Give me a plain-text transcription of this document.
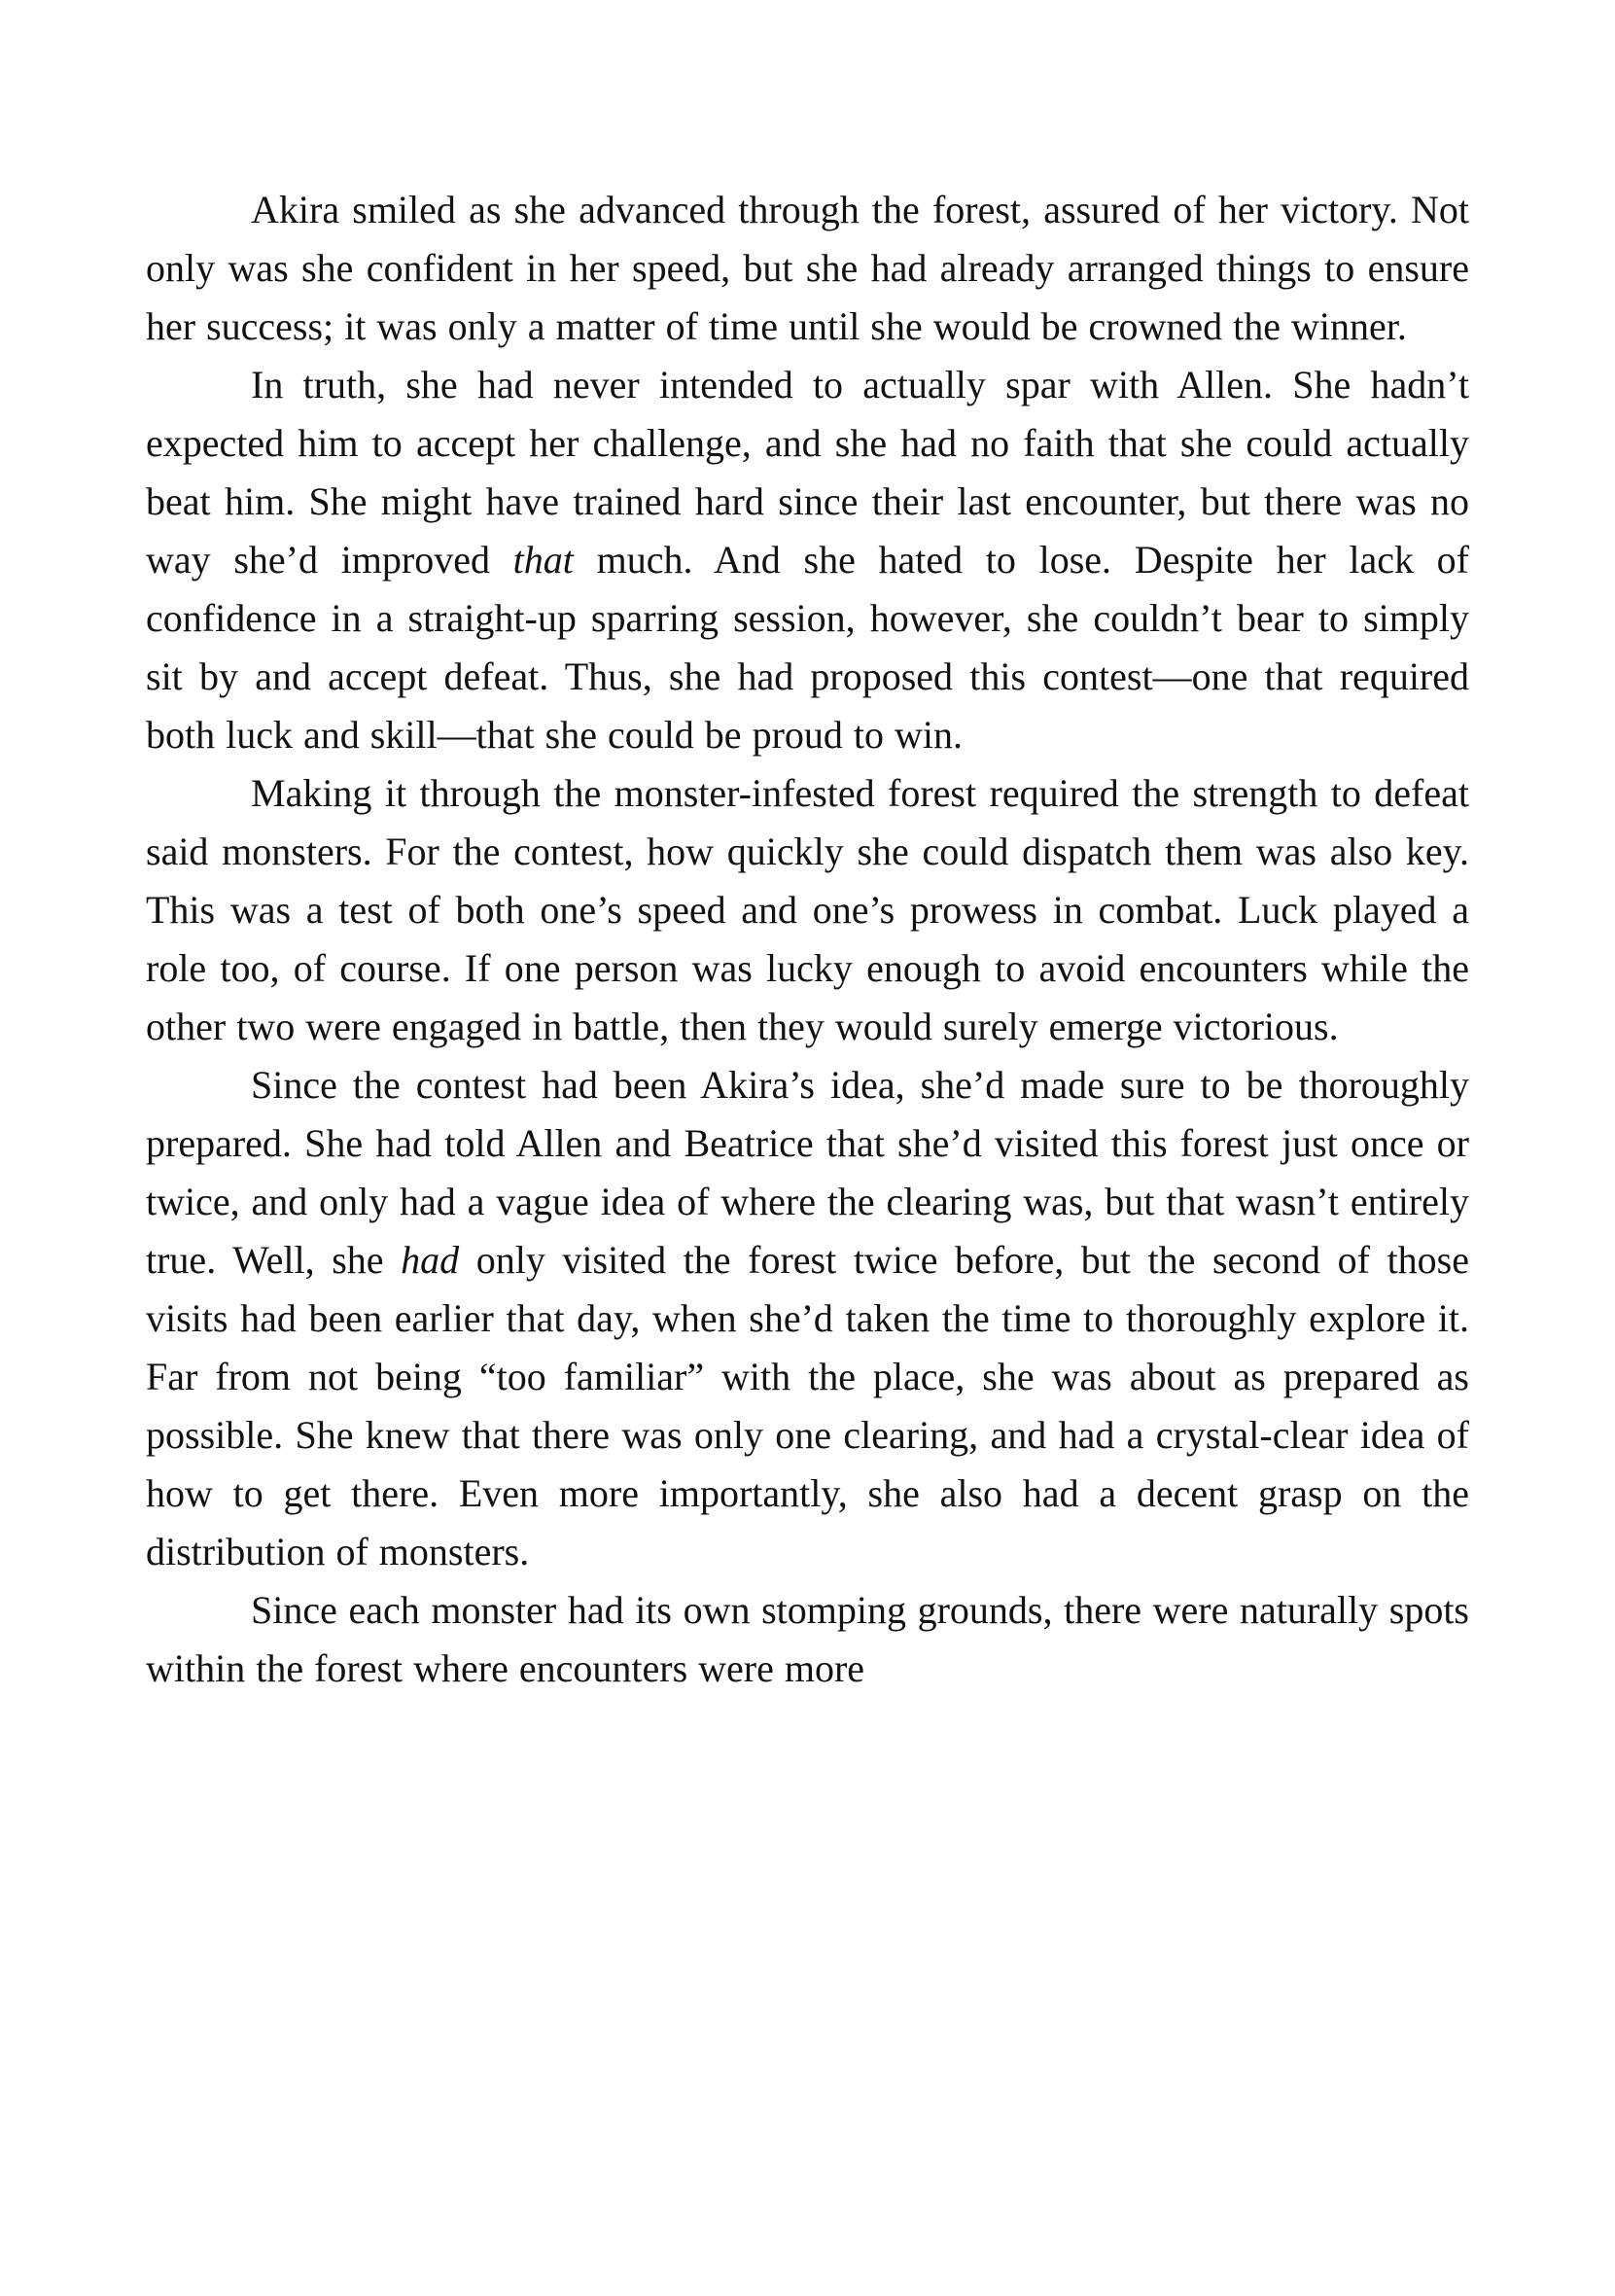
Akira smiled as she advanced through the forest, assured of her victory. Not only was she confident in her speed, but she had already arranged things to ensure her success; it was only a matter of time until she would be crowned the winner.

In truth, she had never intended to actually spar with Allen. She hadn’t expected him to accept her challenge, and she had no faith that she could actually beat him. She might have trained hard since their last encounter, but there was no way she’d improved that much. And she hated to lose. Despite her lack of confidence in a straight-up sparring session, however, she couldn’t bear to simply sit by and accept defeat. Thus, she had proposed this contest—one that required both luck and skill—that she could be proud to win.

Making it through the monster-infested forest required the strength to defeat said monsters. For the contest, how quickly she could dispatch them was also key. This was a test of both one’s speed and one’s prowess in combat. Luck played a role too, of course. If one person was lucky enough to avoid encounters while the other two were engaged in battle, then they would surely emerge victorious.

Since the contest had been Akira’s idea, she’d made sure to be thoroughly prepared. She had told Allen and Beatrice that she’d visited this forest just once or twice, and only had a vague idea of where the clearing was, but that wasn’t entirely true. Well, she had only visited the forest twice before, but the second of those visits had been earlier that day, when she’d taken the time to thoroughly explore it. Far from not being “too familiar” with the place, she was about as prepared as possible. She knew that there was only one clearing, and had a crystal-clear idea of how to get there. Even more importantly, she also had a decent grasp on the distribution of monsters.

Since each monster had its own stomping grounds, there were naturally spots within the forest where encounters were more
